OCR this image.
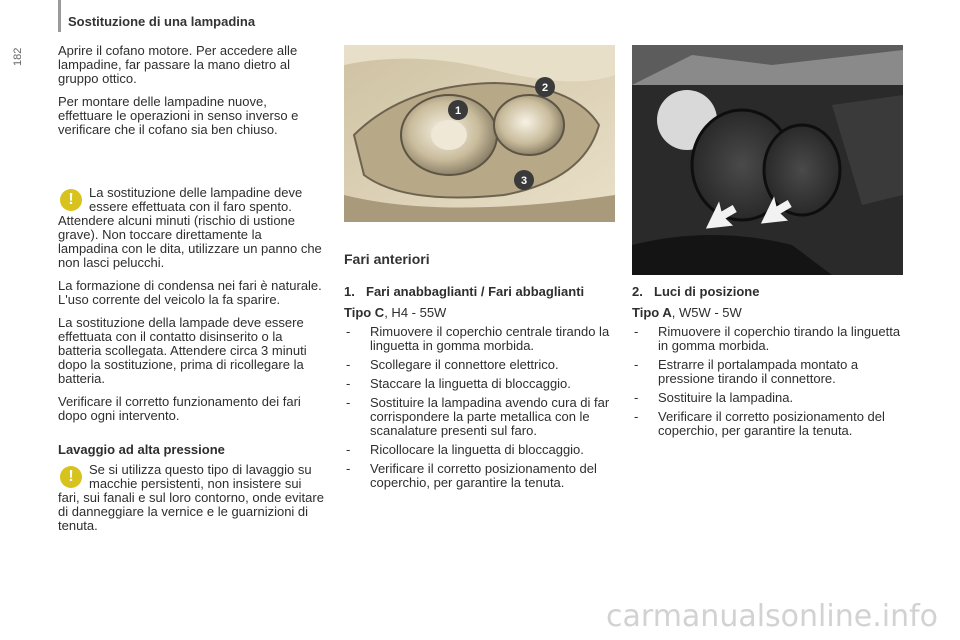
Sostituzione di una lampadina
182	Aprire il cofano motore. Per accedere alle lampadine, far passare la mano dietro al gruppo ottico.

Per montare delle lampadine nuove, effettuare le operazioni in senso inverso e verificare che il cofano sia ben chiuso.

!	La sostituzione delle lampadine deve essere effettuata con il faro spento. Attendere alcuni minuti (rischio di ustione grave). Non toccare direttamente la lampadina con le dita, utilizzare un panno che non lasci pelucchi.

La formazione di condensa nei fari è naturale. L'uso corrente del veicolo la fa sparire.

La sostituzione della lampade deve essere effettuata con il contatto disinserito o la batteria scollegata. Attendere circa 3 minuti dopo la sostituzione, prima di ricollegare la batteria.

Verificare il corretto funzionamento dei fari dopo ogni intervento.

Lavaggio ad alta pressione
!	Se si utilizza questo tipo di lavaggio su macchie persistenti, non insistere sui fari, sui fanali e sul loro contorno, onde evitare di danneggiare la vernice e le guarnizioni di tenuta.

1
2
3
Fari anteriori
1. Fari anabbaglianti / Fari abbaglianti
Tipo C, H4 - 55W
-	Rimuovere il coperchio centrale tirando la linguetta in gomma morbida.
-	Scollegare il connettore elettrico.
-	Staccare la linguetta di bloccaggio.
-	Sostituire la lampadina avendo cura di far corrispondere la parte metallica con le scanalature presenti sul faro.
-	Ricollocare la linguetta di bloccaggio.
-	Verificare il corretto posizionamento del coperchio, per garantire la tenuta.
2. Luci di posizione
Tipo A, W5W - 5W
-	Rimuovere il coperchio tirando la linguetta in gomma morbida.
-	Estrarre il portalampada montato a pressione tirando il connettore.
-	Sostituire la lampadina.
-	Verificare il corretto posizionamento del coperchio, per garantire la tenuta.
carmanualsonline.info
